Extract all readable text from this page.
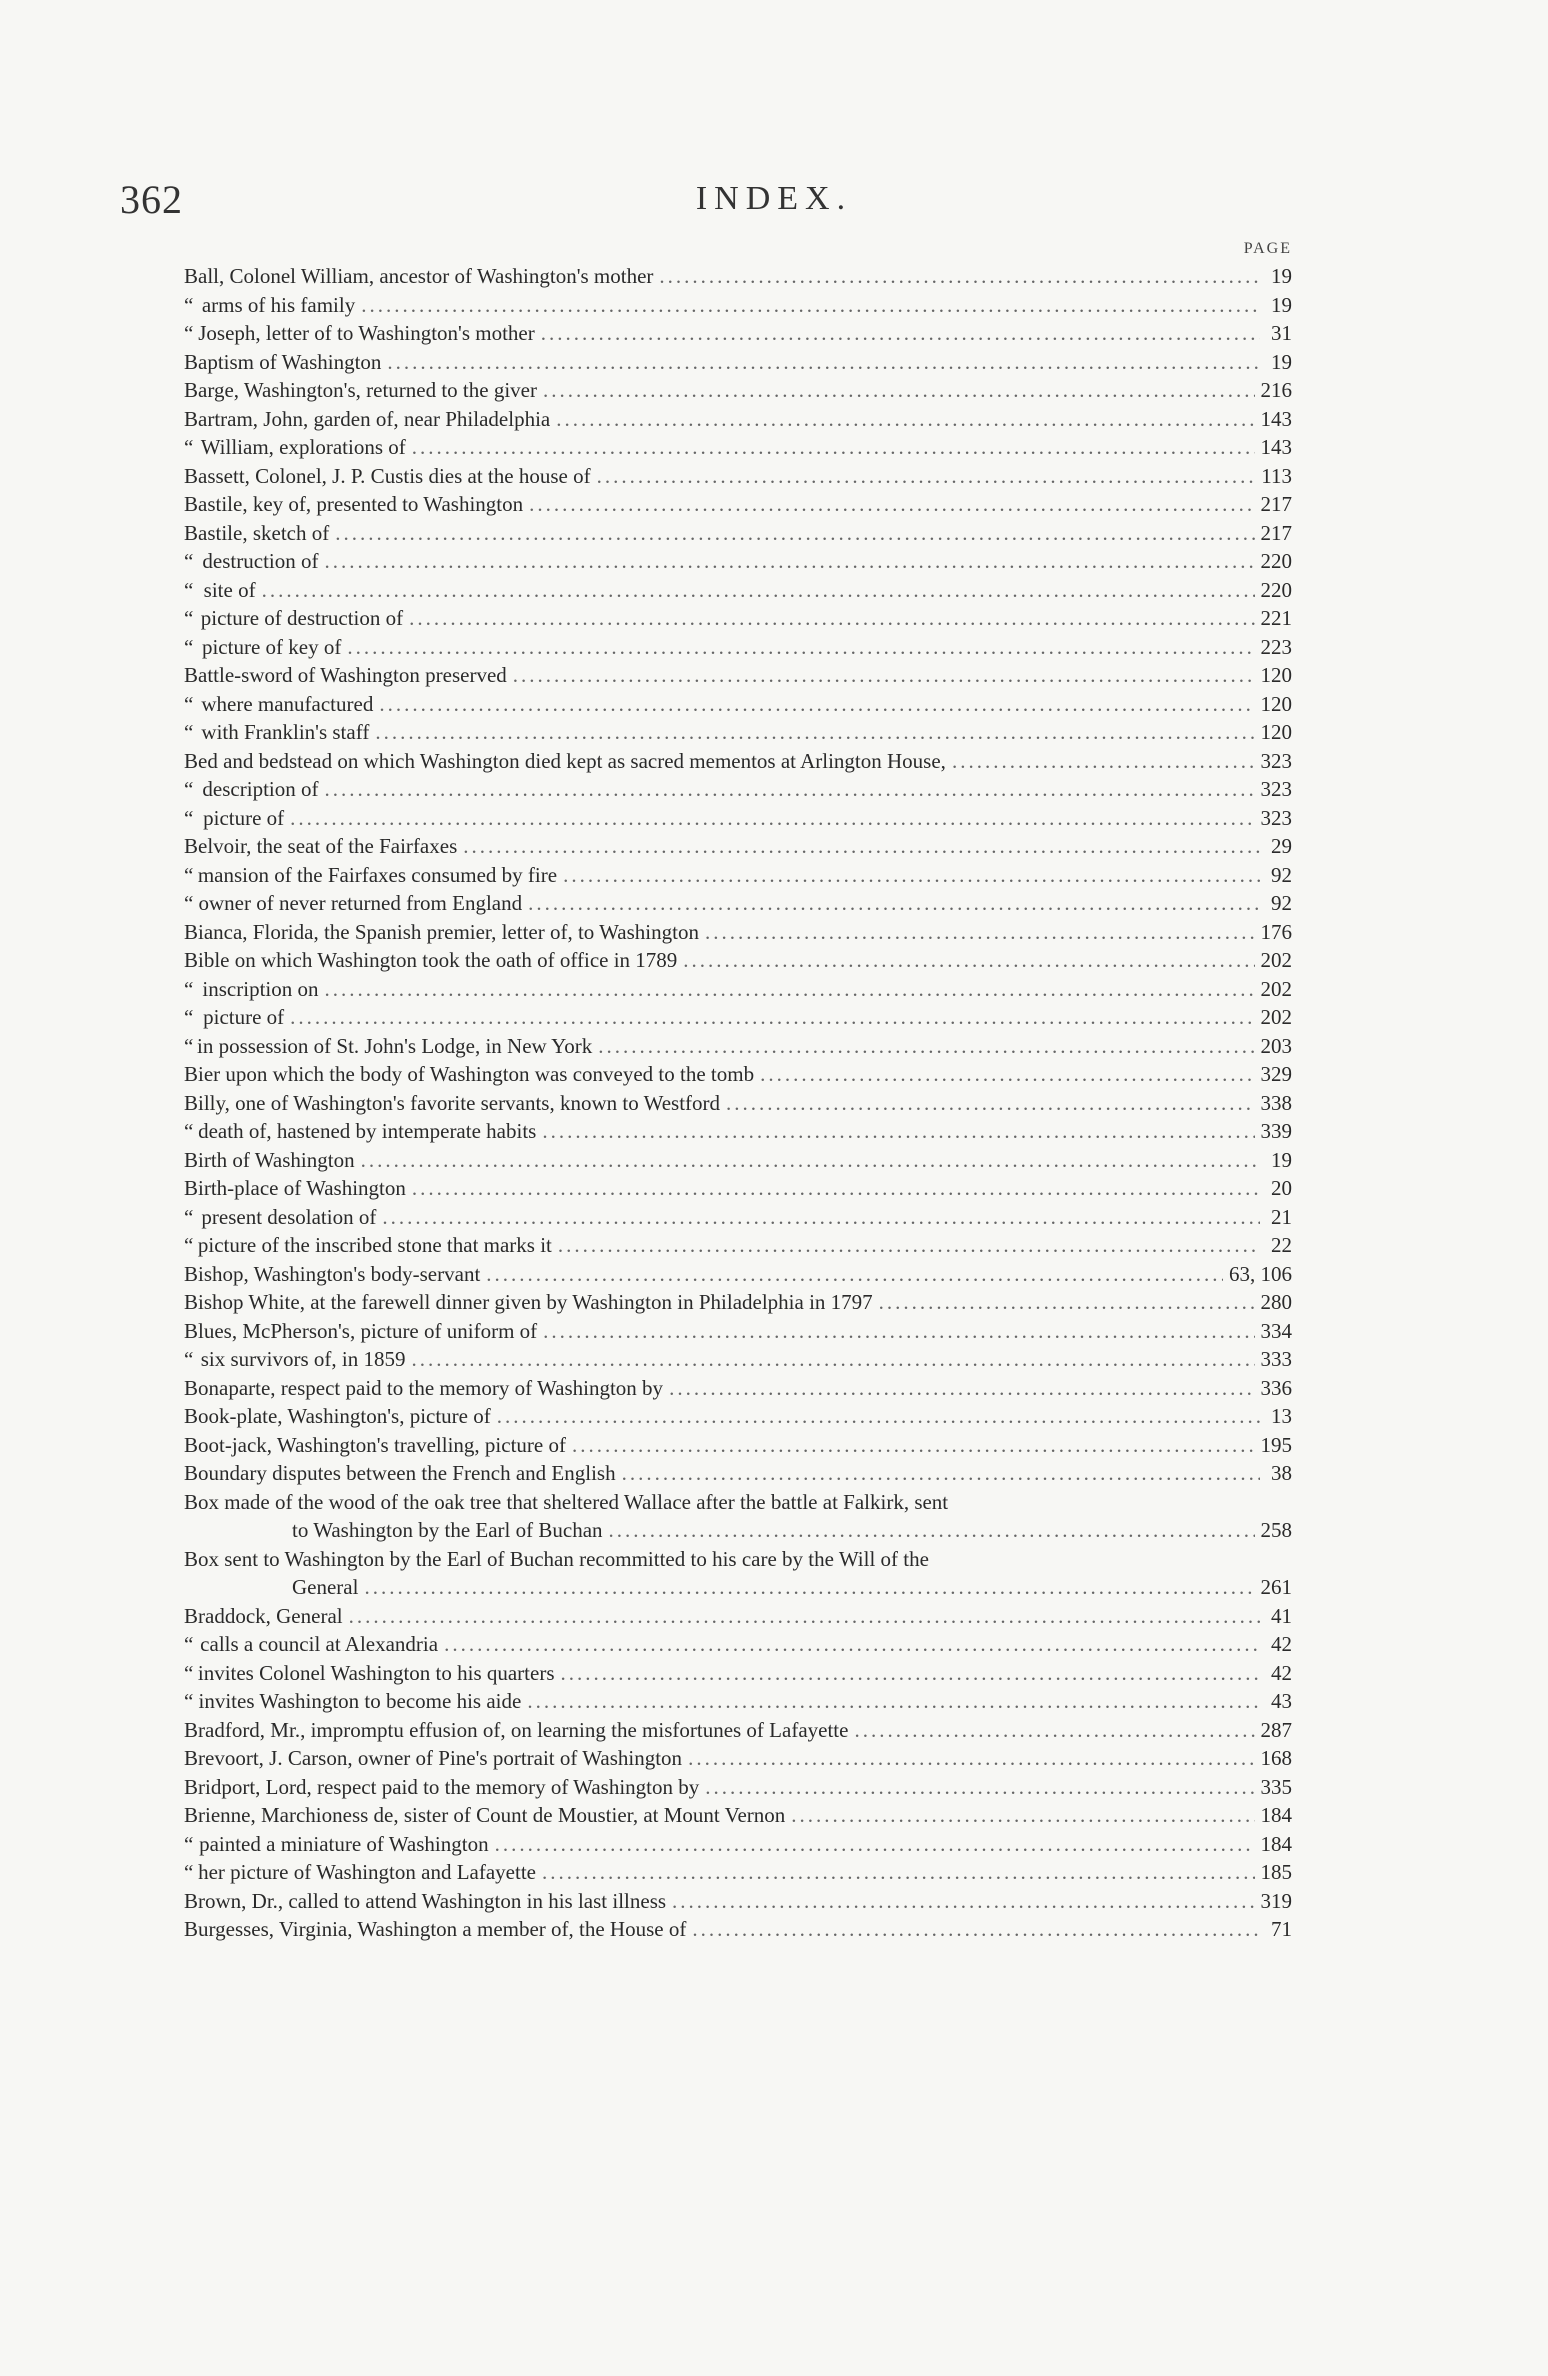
362	INDEX.
PAGE
Ball, Colonel William, ancestor of Washington's mother .....	19
“ arms of his family .....	19
“ Joseph, letter of to Washington's mother .....	31
Baptism of Washington .....	19
Barge, Washington's, returned to the giver .....	216
Bartram, John, garden of, near Philadelphia .....	143
“ William, explorations of .....	143
Bassett, Colonel, J. P. Custis dies at the house of .....	113
Bastile, key of, presented to Washington .....	217
Bastile, sketch of .....	217
“ destruction of .....	220
“ site of .....	220
“ picture of destruction of .....	221
“ picture of key of .....	223
Battle-sword of Washington preserved .....	120
“ where manufactured .....	120
“ with Franklin's staff .....	120
Bed and bedstead on which Washington died kept as sacred mementos at Arlington House, .....	323
“ description of .....	323
“ picture of .....	323
Belvoir, the seat of the Fairfaxes .....	29
“ mansion of the Fairfaxes consumed by fire .....	92
“ owner of never returned from England .....	92
Bianca, Florida, the Spanish premier, letter of, to Washington .....	176
Bible on which Washington took the oath of office in 1789 .....	202
“ inscription on .....	202
“ picture of .....	202
“ in possession of St. John's Lodge, in New York .....	203
Bier upon which the body of Washington was conveyed to the tomb .....	329
Billy, one of Washington's favorite servants, known to Westford .....	338
“ death of, hastened by intemperate habits .....	339
Birth of Washington .....	19
Birth-place of Washington .....	20
“ present desolation of .....	21
“ picture of the inscribed stone that marks it .....	22
Bishop, Washington's body-servant .....	63, 106
Bishop White, at the farewell dinner given by Washington in Philadelphia in 1797 .....	280
Blues, McPherson's, picture of uniform of .....	334
“ six survivors of, in 1859 .....	333
Bonaparte, respect paid to the memory of Washington by .....	336
Book-plate, Washington's, picture of .....	13
Boot-jack, Washington's travelling, picture of .....	195
Boundary disputes between the French and English .....	38
Box made of the wood of the oak tree that sheltered Wallace after the battle at Falkirk, sent
to Washington by the Earl of Buchan .....	258
Box sent to Washington by the Earl of Buchan recommitted to his care by the Will of the
General .....	261
Braddock, General .....	41
“ calls a council at Alexandria .....	42
“ invites Colonel Washington to his quarters .....	42
“ invites Washington to become his aide .....	43
Bradford, Mr., impromptu effusion of, on learning the misfortunes of Lafayette .....	287
Brevoort, J. Carson, owner of Pine's portrait of Washington .....	168
Bridport, Lord, respect paid to the memory of Washington by .....	335
Brienne, Marchioness de, sister of Count de Moustier, at Mount Vernon .....	184
“ painted a miniature of Washington .....	184
“ her picture of Washington and Lafayette .....	185
Brown, Dr., called to attend Washington in his last illness .....	319
Burgesses, Virginia, Washington a member of, the House of .....	71
